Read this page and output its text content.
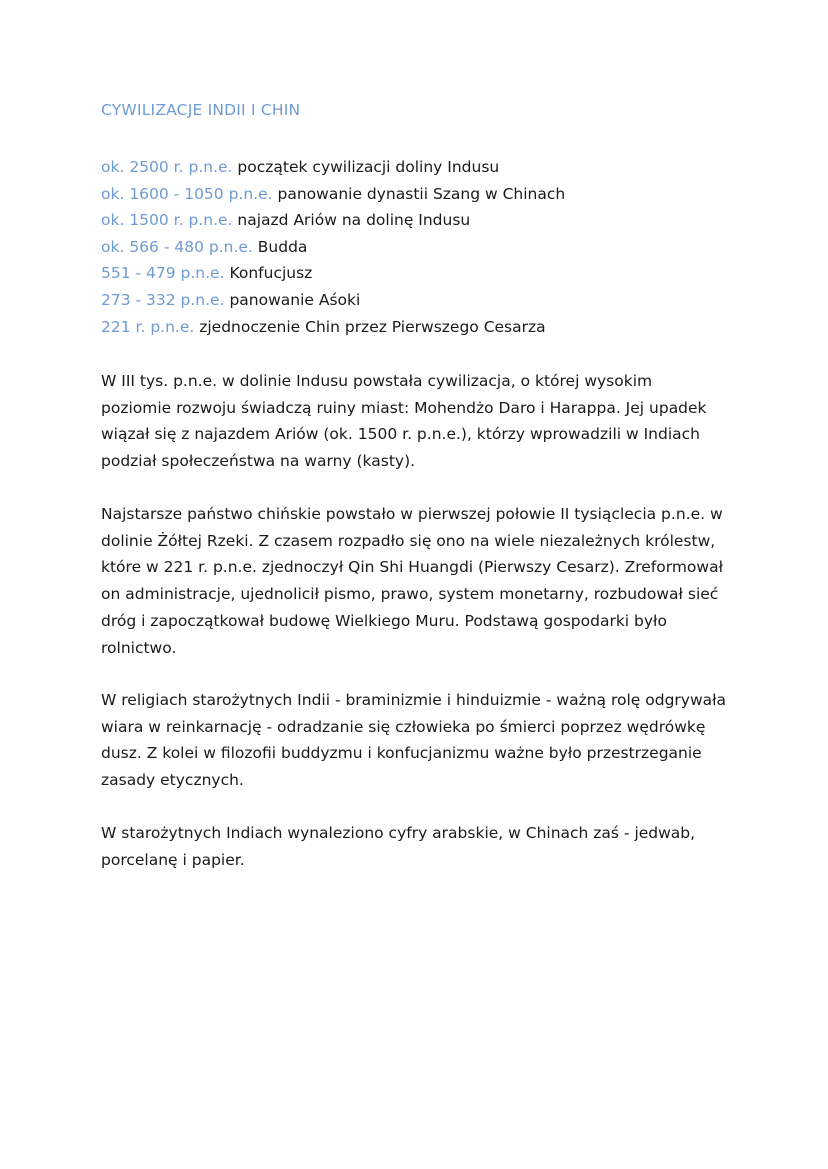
CYWILIZACJE INDII I CHIN
ok. 2500 r. p.n.e. początek cywilizacji doliny Indusu
ok. 1600 - 1050 p.n.e. panowanie dynastii Szang w Chinach
ok. 1500 r. p.n.e. najazd Ariów na dolinę Indusu
ok. 566 - 480 p.n.e. Budda
551 - 479 p.n.e. Konfucjusz
273 - 332 p.n.e. panowanie Aśoki
221 r. p.n.e. zjednoczenie Chin przez Pierwszego Cesarza

W III tys. p.n.e. w dolinie Indusu powstała cywilizacja, o której wysokim
poziomie rozwoju świadczą ruiny miast: Mohendżo Daro i Harappa. Jej upadek
wiązał się z najazdem Ariów (ok. 1500 r. p.n.e.), którzy wprowadzili w Indiach
podział społeczeństwa na warny (kasty).

Najstarsze państwo chińskie powstało w pierwszej połowie II tysiąclecia p.n.e. w
dolinie Żółtej Rzeki. Z czasem rozpadło się ono na wiele niezależnych królestw,
które w 221 r. p.n.e. zjednoczył Qin Shi Huangdi (Pierwszy Cesarz). Zreformował
on administracje, ujednolicił pismo, prawo, system monetarny, rozbudował sieć
dróg i zapoczątkował budowę Wielkiego Muru. Podstawą gospodarki było
rolnictwo.

W religiach starożytnych Indii - braminizmie i hinduizmie - ważną rolę odgrywała
wiara w reinkarnację - odradzanie się człowieka po śmierci poprzez wędrówkę
dusz. Z kolei w filozofii buddyzmu i konfucjanizmu ważne było przestrzeganie
zasady etycznych.

W starożytnych Indiach wynaleziono cyfry arabskie, w Chinach zaś - jedwab,
porcelanę i papier.
